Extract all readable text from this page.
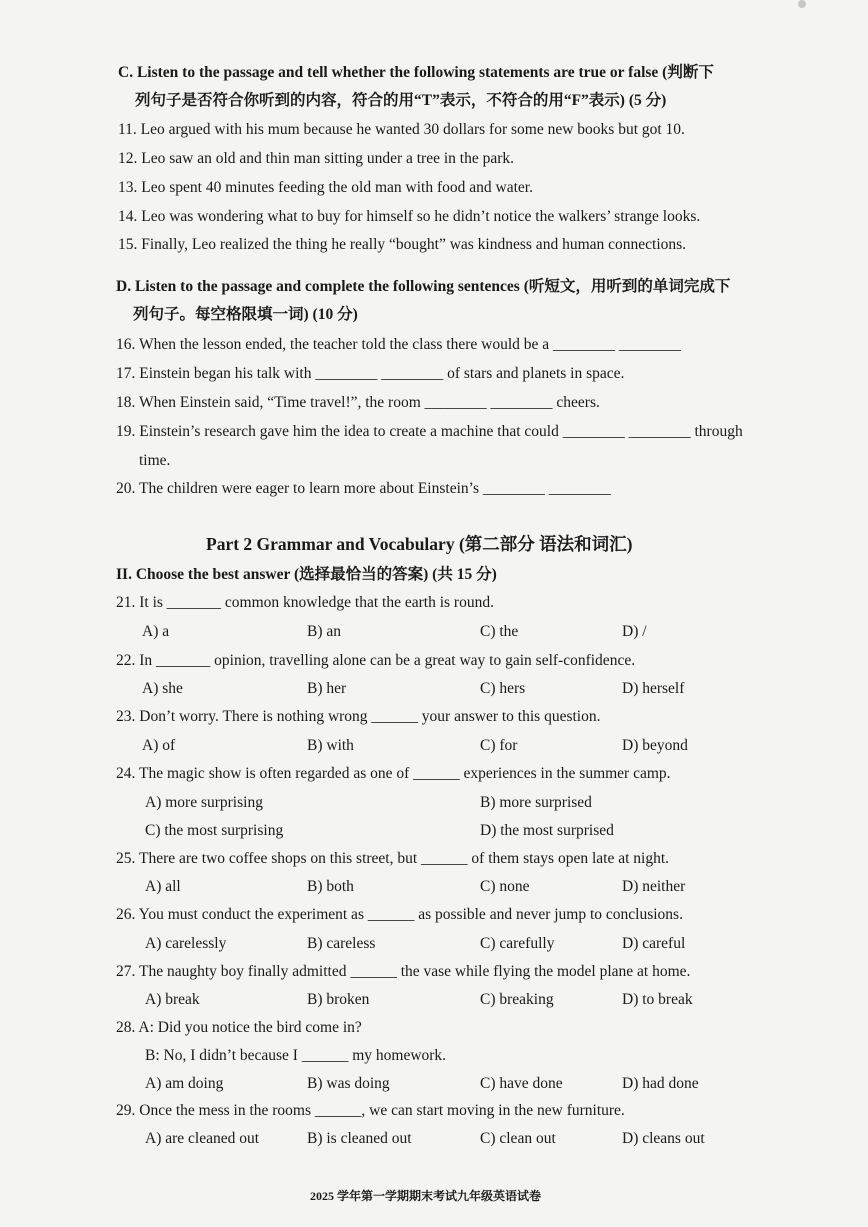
C. Listen to the passage and tell whether the following statements are true or false (判断下
列句子是否符合你听到的内容，符合的用“T”表示，不符合的用“F”表示) (5 分)
11. Leo argued with his mum because he wanted 30 dollars for some new books but got 10.
12. Leo saw an old and thin man sitting under a tree in the park.
13. Leo spent 40 minutes feeding the old man with food and water.
14. Leo was wondering what to buy for himself so he didn’t notice the walkers’ strange looks.
15. Finally, Leo realized the thing he really “bought” was kindness and human connections.
D. Listen to the passage and complete the following sentences (听短文，用听到的单词完成下
列句子。每空格限填一词) (10 分)
16. When the lesson ended, the teacher told the class there would be a ________ ________
17. Einstein began his talk with ________ ________ of stars and planets in space.
18. When Einstein said, “Time travel!”, the room ________ ________ cheers.
19. Einstein’s research gave him the idea to create a machine that could ________ ________ through
time.
20. The children were eager to learn more about Einstein’s ________ ________
Part 2 Grammar and Vocabulary (第二部分 语法和词汇)
II. Choose the best answer (选择最恰当的答案) (共 15 分)
21. It is _______ common knowledge that the earth is round.
A) a	B) an	C) the	D) /
22. In _______ opinion, travelling alone can be a great way to gain self-confidence.
A) she	B) her	C) hers	D) herself
23. Don’t worry. There is nothing wrong ______ your answer to this question.
A) of	B) with	C) for	D) beyond
24. The magic show is often regarded as one of ______ experiences in the summer camp.
A) more surprising	B) more surprised
C) the most surprising	D) the most surprised
25. There are two coffee shops on this street, but ______ of them stays open late at night.
A) all	B) both	C) none	D) neither
26. You must conduct the experiment as ______ as possible and never jump to conclusions.
A) carelessly	B) careless	C) carefully	D) careful
27. The naughty boy finally admitted ______ the vase while flying the model plane at home.
A) break	B) broken	C) breaking	D) to break
28. A: Did you notice the bird come in?
B: No, I didn’t because I ______ my homework.
A) am doing	B) was doing	C) have done	D) had done
29. Once the mess in the rooms ______, we can start moving in the new furniture.
A) are cleaned out	B) is cleaned out	C) clean out	D) cleans out
2025 学年第一学期期末考试九年级英语试卷
